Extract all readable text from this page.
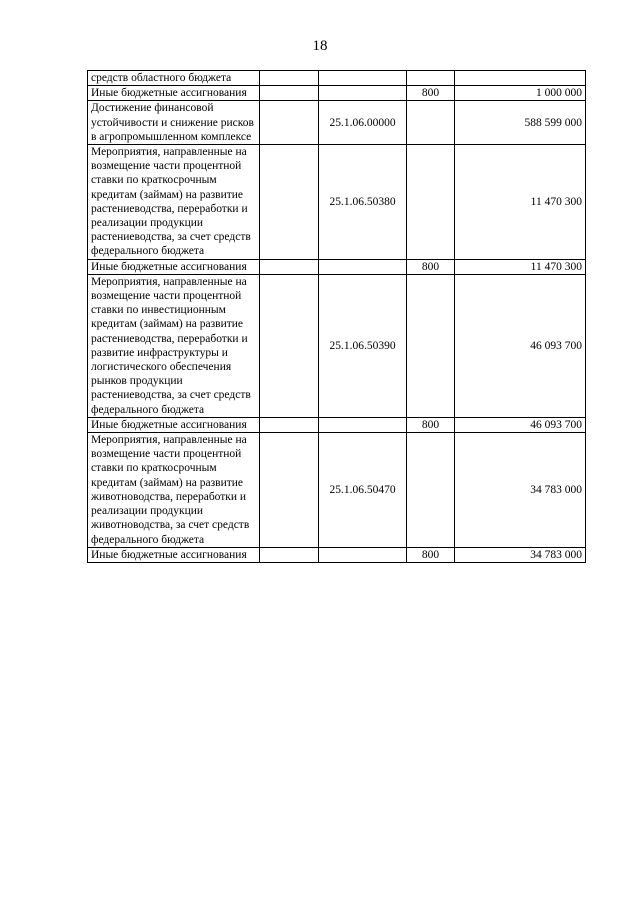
18
средств областного бюджета				
Иные бюджетные ассигнования			800	1 000 000
Достижение финансовой устойчивости и снижение рисков в агропромышленном комплексе		25.1.06.00000		588 599 000
Мероприятия, направленные на возмещение части процентной ставки по краткосрочным кредитам (займам) на развитие растениеводства, переработки и реализации продукции растениеводства, за счет средств федерального бюджета		25.1.06.50380		11 470 300
Иные бюджетные ассигнования			800	11 470 300
Мероприятия, направленные на возмещение части процентной ставки по инвестиционным кредитам (займам) на развитие растениеводства, переработки и развитие инфраструктуры и логистического обеспечения рынков продукции растениеводства, за счет средств федерального бюджета		25.1.06.50390		46 093 700
Иные бюджетные ассигнования			800	46 093 700
Мероприятия, направленные на возмещение части процентной ставки по краткосрочным кредитам (займам) на развитие животноводства, переработки и реализации продукции животноводства, за счет средств федерального бюджета		25.1.06.50470		34 783 000
Иные бюджетные ассигнования			800	34 783 000
